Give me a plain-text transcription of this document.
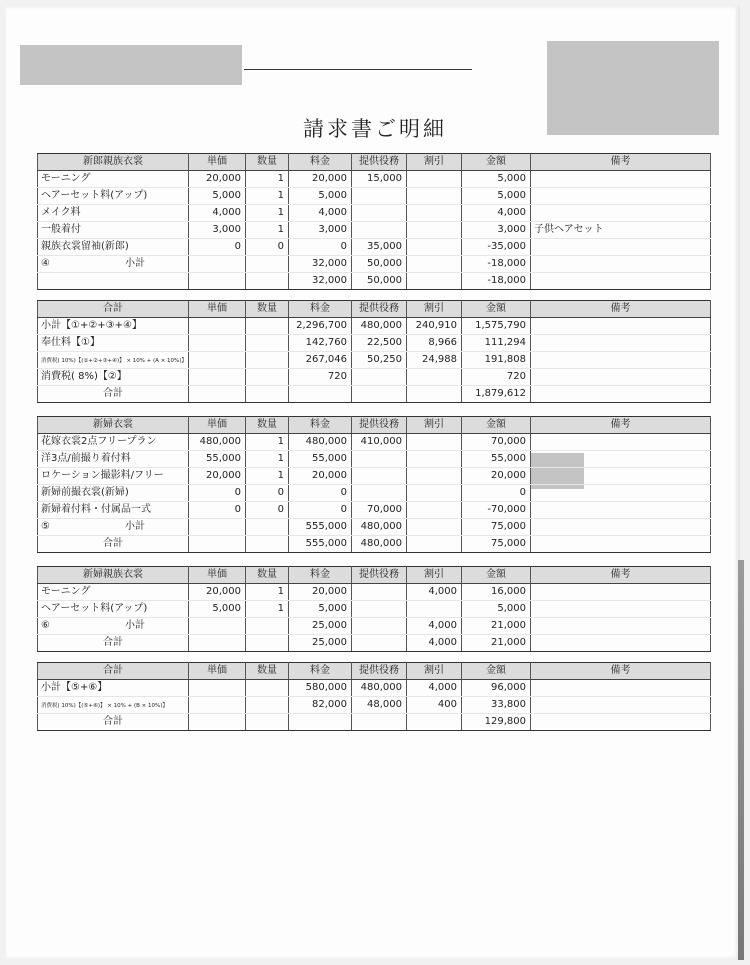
請求書ご明細
新郎親族衣裳	単価	数量	料金	提供役務	割引	金額	備考
モーニング	20,000	1	20,000	15,000		5,000	
ヘアーセット料(アップ)	5,000	1	5,000			5,000	
メイク料	4,000	1	4,000			4,000	
一般着付	3,000	1	3,000			3,000	子供ヘアセット
親族衣裳留袖(新郎)	0	0	0	35,000		-35,000	

④ 小計			32,000	50,000		-18,000	
			32,000	50,000		-18,000	
合計	単価	数量	料金	提供役務	割引	金額	備考
小計【①+②+③+④】			2,296,700	480,000	240,910	1,575,790	
奉仕料【①】			142,760	22,500	8,966	111,294	
消費税( 10%)【(①+②+③+④)】 × 10% + (A × 10%)】			267,046	50,250	24,988	191,808	
消費税( 8%)【②】			720			720	
合計						1,879,612	
新婦衣裳	単価	数量	料金	提供役務	割引	金額	備考
花嫁衣裳2点フリープラン	480,000	1	480,000	410,000		70,000	
洋3点/前撮り着付料	55,000	1	55,000			55,000	
ロケーション撮影料/フリー	20,000	1	20,000			20,000	
新婦前撮衣裳(新婦)	0	0	0			0	
新婦着付料・付属品一式	0	0	0	70,000		-70,000	

⑤ 小計			555,000	480,000		75,000	
合計			555,000	480,000		75,000	
新婦親族衣裳	単価	数量	料金	提供役務	割引	金額	備考
モーニング	20,000	1	20,000		4,000	16,000	
ヘアーセット料(アップ)	5,000	1	5,000			5,000	

⑥ 小計			25,000		4,000	21,000	
合計			25,000		4,000	21,000	
合計	単価	数量	料金	提供役務	割引	金額	備考
小計【⑤+⑥】			580,000	480,000	4,000	96,000	
消費税( 10%)【(⑤+⑥)】 × 10% + (B × 10%)】			82,000	48,000	400	33,800	
合計						129,800	
